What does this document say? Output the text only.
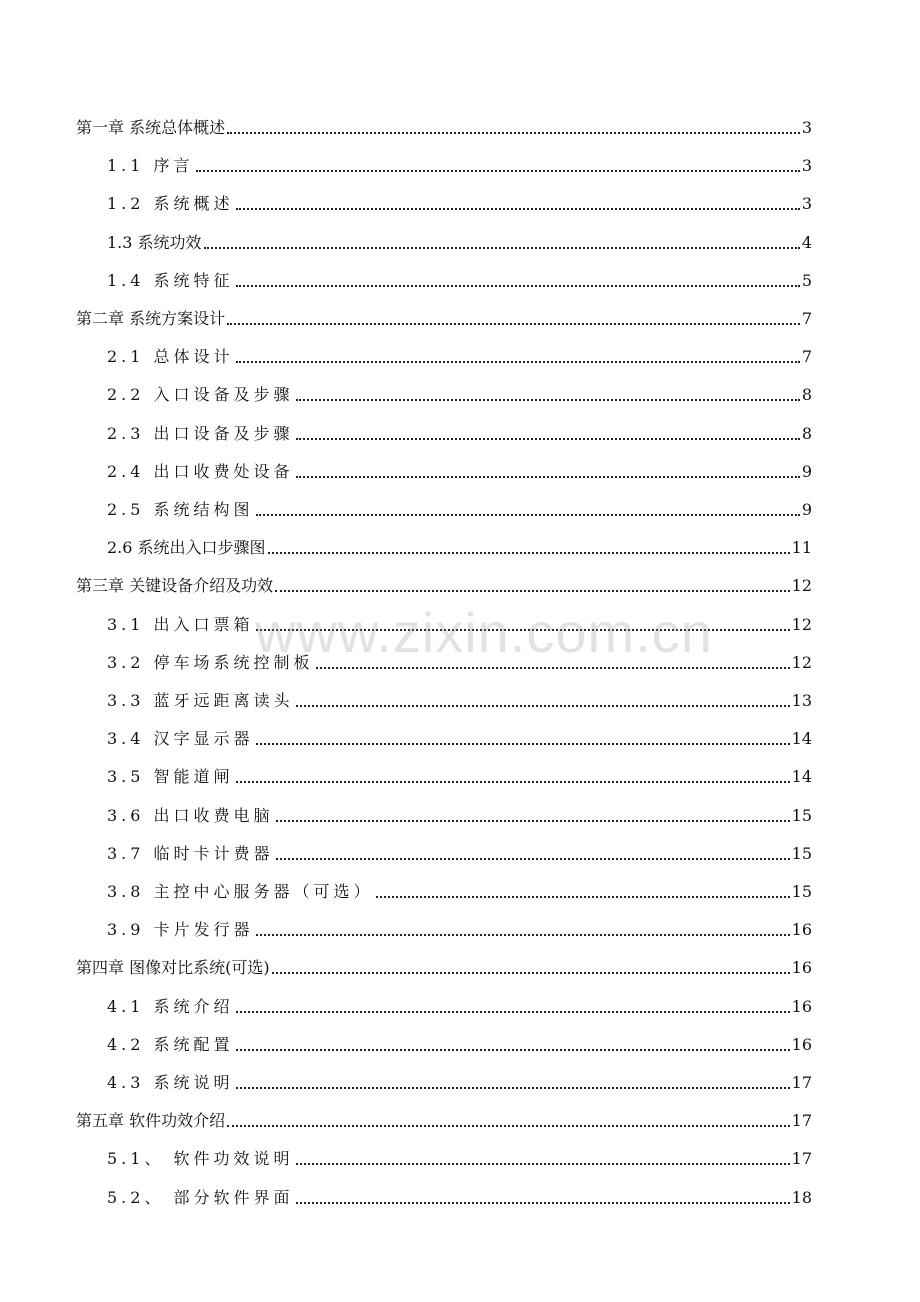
第一章 系统总体概述	3
1.1 序言	3
1.2 系统概述	3
1.3 系统功效	4
1.4 系统特征	5
第二章 系统方案设计	7
2.1 总体设计	7
2.2 入口设备及步骤	8
2.3 出口设备及步骤	8
2.4 出口收费处设备	9
2.5 系统结构图	9
2.6 系统出入口步骤图	11
第三章 关键设备介绍及功效	12
3.1 出入口票箱	12
3.2 停车场系统控制板	12
3.3 蓝牙远距离读头	13
3.4 汉字显示器	14
3.5 智能道闸	14
3.6 出口收费电脑	15
3.7 临时卡计费器	15
3.8 主控中心服务器（可选）	15
3.9 卡片发行器	16
第四章 图像对比系统(可选)	16
4.1 系统介绍	16
4.2 系统配置	16
4.3 系统说明	17
第五章 软件功效介绍	17
5.1、 软件功效说明	17
5.2、 部分软件界面	18
www.zixin.com.cn
